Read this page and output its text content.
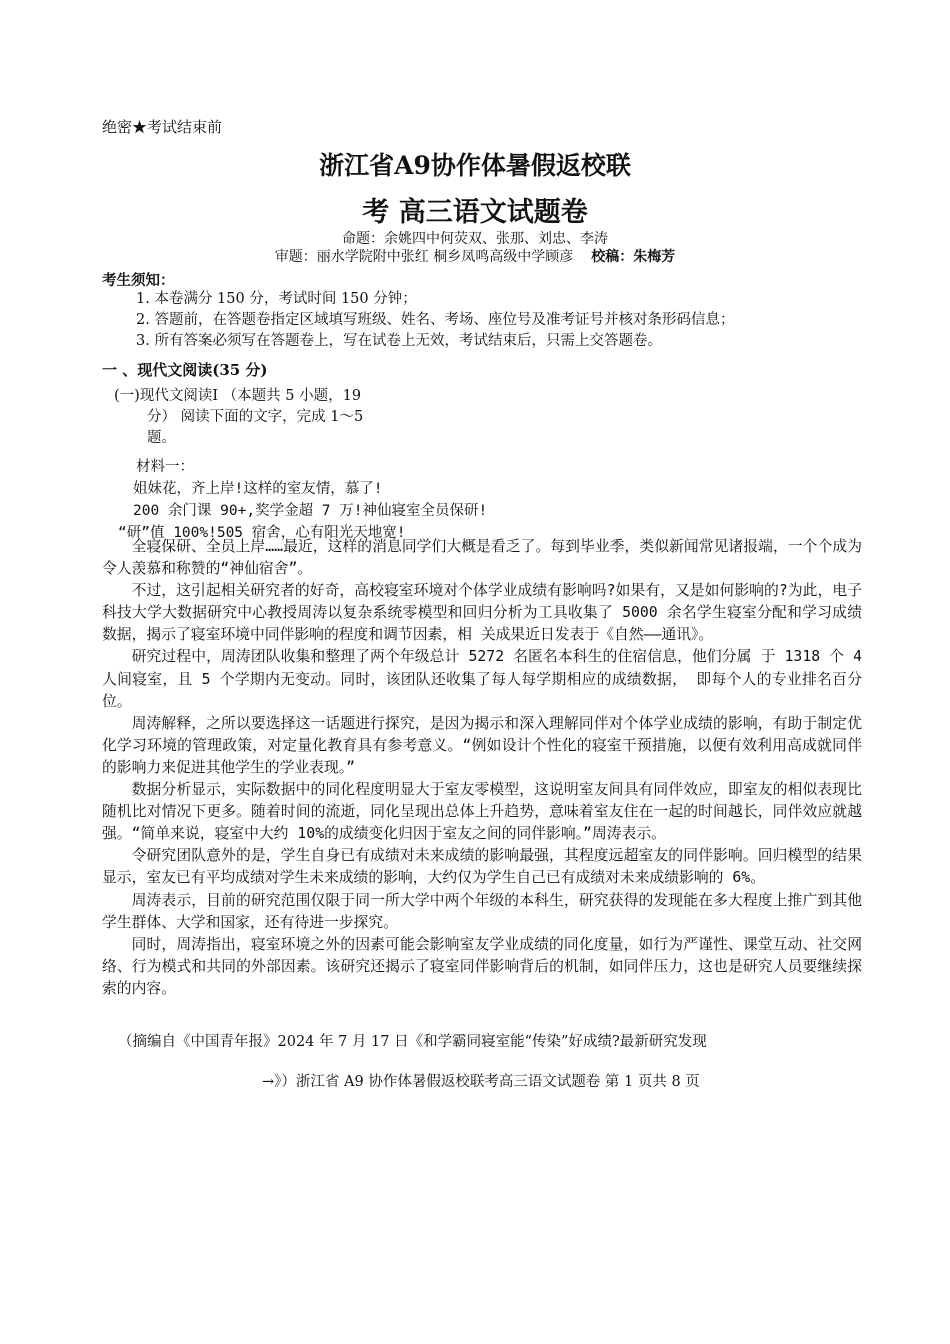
绝密★考试结束前
浙江省A9协作体暑假返校联
考 高三语文试题卷
命题：余姚四中何荧双、张那、刘忠、李涛
审题：丽水学院附中张红 桐乡凤鸣高级中学顾彦 校稿：朱梅芳
考生须知：
1. 本卷满分 150 分，考试时间 150 分钟；
2. 答题前，在答题卷指定区域填写班级、姓名、考场、座位号及准考证号并核对条形码信息；
3. 所有答案必须写在答题卷上，写在试卷上无效，考试结束后，只需上交答题卷。
一 、现代文阅读(35 分)
(一)现代文阅读Ⅰ （本题共 5 小题，19
分） 阅读下面的文字，完成 1～5
题。
材料一：
姐妹花，齐上岸!这样的室友情，慕了!
200 余门课 90+,奖学金超 7 万!神仙寝室全员保研!
“研”值 100%!505 宿舍，心有阳光天地宽!

全寝保研、全员上岸……最近，这样的消息同学们大概是看乏了。每到毕业季，类似新闻常见诸报端，一个个成为令人羡慕和称赞的“神仙宿舍”。

不过，这引起相关研究者的好奇，高校寝室环境对个体学业成绩有影响吗?如果有，又是如何影响的?为此，电子科技大学大数据研究中心教授周涛以复杂系统零模型和回归分析为工具收集了 5000 余名学生寝室分配和学习成绩数据，揭示了寝室环境中同伴影响的程度和调节因素，相 关成果近日发表于《自然——通讯》。

研究过程中，周涛团队收集和整理了两个年级总计 5272 名匿名本科生的住宿信息，他们分属 于 1318 个 4 人间寝室，且 5 个学期内无变动。同时，该团队还收集了每人每学期相应的成绩数据， 即每个人的专业排名百分位。

周涛解释，之所以要选择这一话题进行探究，是因为揭示和深入理解同伴对个体学业成绩的影响，有助于制定优化学习环境的管理政策，对定量化教育具有参考意义。“例如设计个性化的寝室干预措施，以便有效利用高成就同伴的影响力来促进其他学生的学业表现。”

数据分析显示，实际数据中的同化程度明显大于室友零模型，这说明室友间具有同伴效应，即室友的相似表现比随机比对情况下更多。随着时间的流逝，同化呈现出总体上升趋势，意味着室友住在一起的时间越长，同伴效应就越强。“简单来说，寝室中大约 10%的成绩变化归因于室友之间的同伴影响。”周涛表示。

令研究团队意外的是，学生自身已有成绩对未来成绩的影响最强，其程度远超室友的同伴影响。回归模型的结果显示，室友已有平均成绩对学生未来成绩的影响，大约仅为学生自己已有成绩对未来成绩影响的 6%。

周涛表示，目前的研究范围仅限于同一所大学中两个年级的本科生，研究获得的发现能在多大程度上推广到其他学生群体、大学和国家，还有待进一步探究。

同时，周涛指出，寝室环境之外的因素可能会影响室友学业成绩的同化度量，如行为严谨性、课堂互动、社交网络、行为模式和共同的外部因素。该研究还揭示了寝室同伴影响背后的机制，如同伴压力，这也是研究人员要继续探索的内容。

（摘编自《中国青年报》2024 年 7 月 17 日《和学霸同寝室能“传染”好成绩?最新研究发现
→》）浙江省 A9 协作体暑假返校联考高三语文试题卷 第 1 页共 8 页
